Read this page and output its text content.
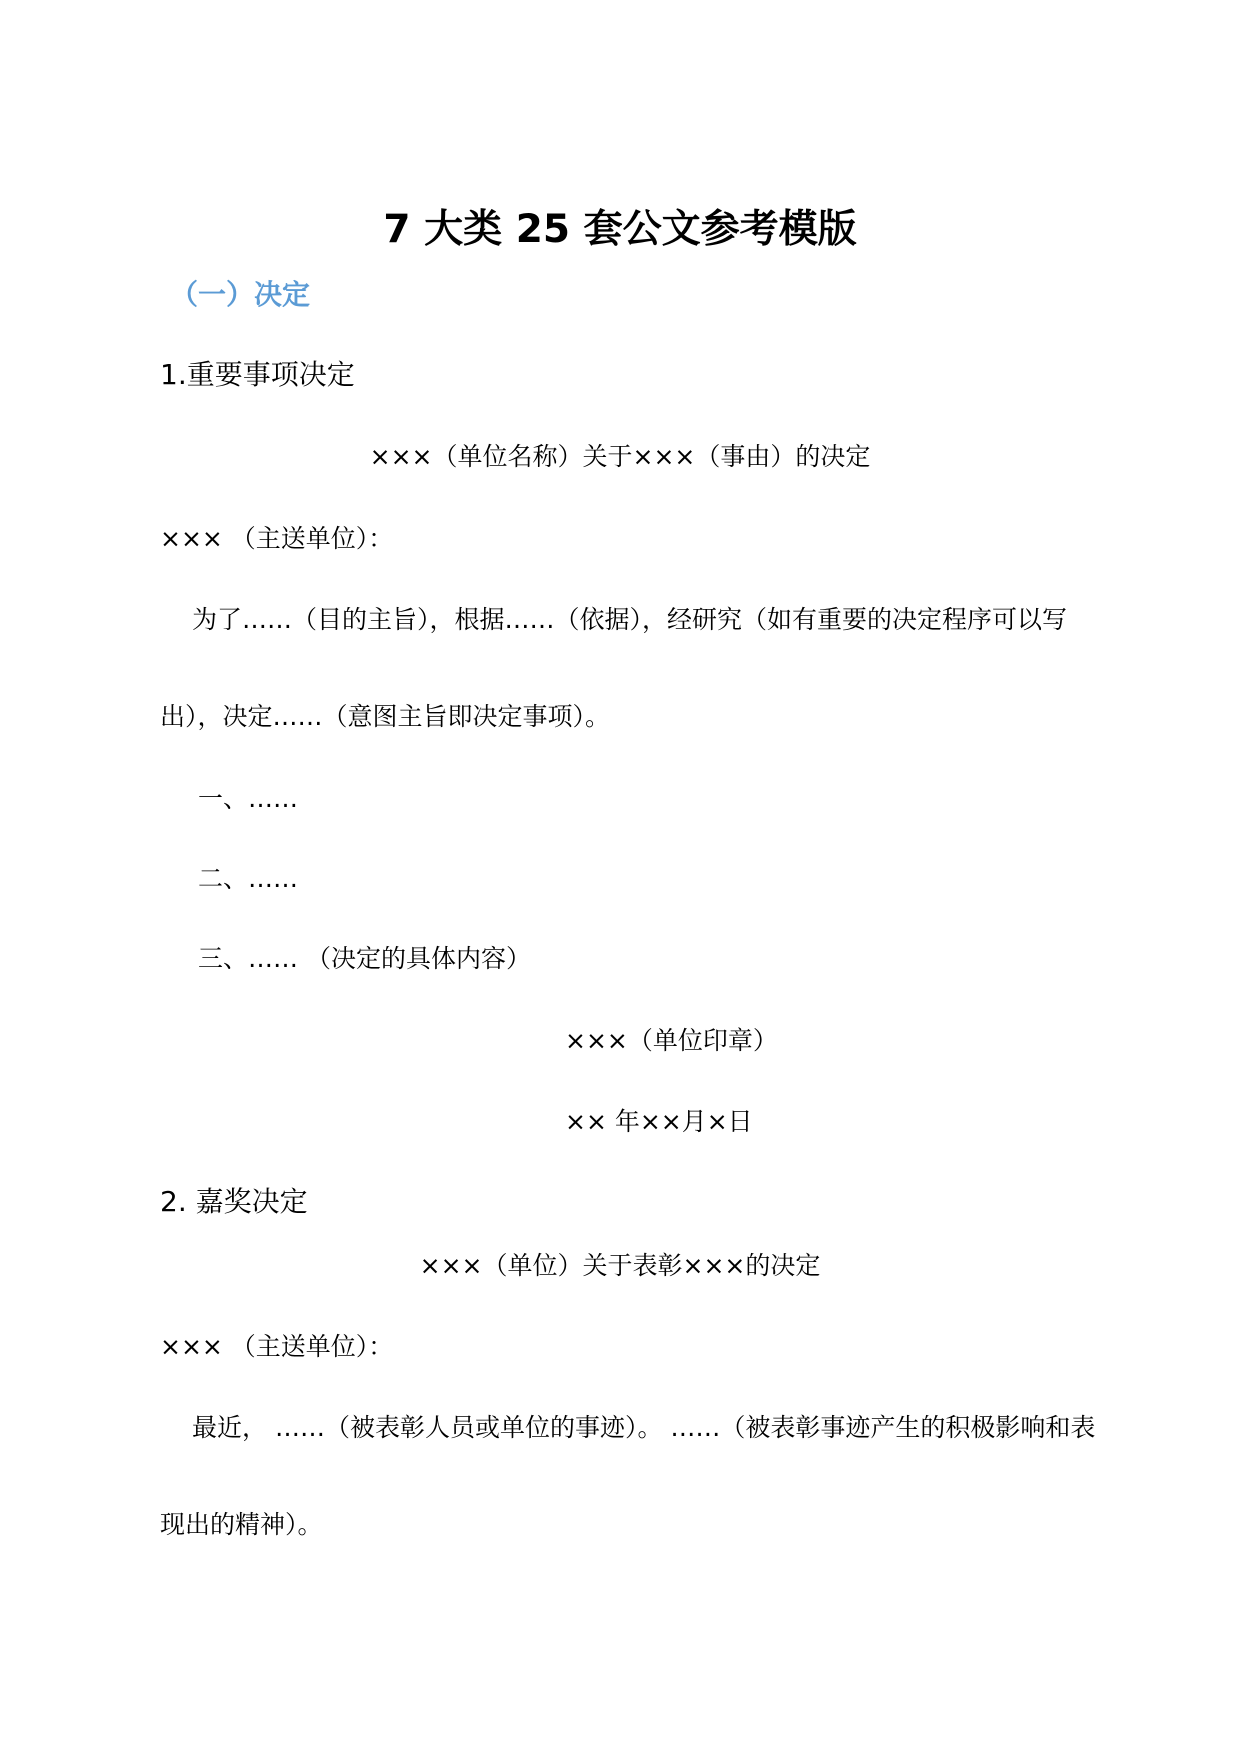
7 大类 25 套公文参考模版
（一）决定
1.重要事项决定
×××（单位名称）关于×××（事由）的决定
××× （主送单位）：
为了……（目的主旨），根据……（依据），经研究（如有重要的决定程序可以写
出），决定……（意图主旨即决定事项）。
一、……
二、……
三、…… （决定的具体内容）
×××（单位印章）
×× 年××月×日
2. 嘉奖决定
×××（单位）关于表彰×××的决定
××× （主送单位）：
最近， ……（被表彰人员或单位的事迹）。 ……（被表彰事迹产生的积极影响和表
现出的精神）。
